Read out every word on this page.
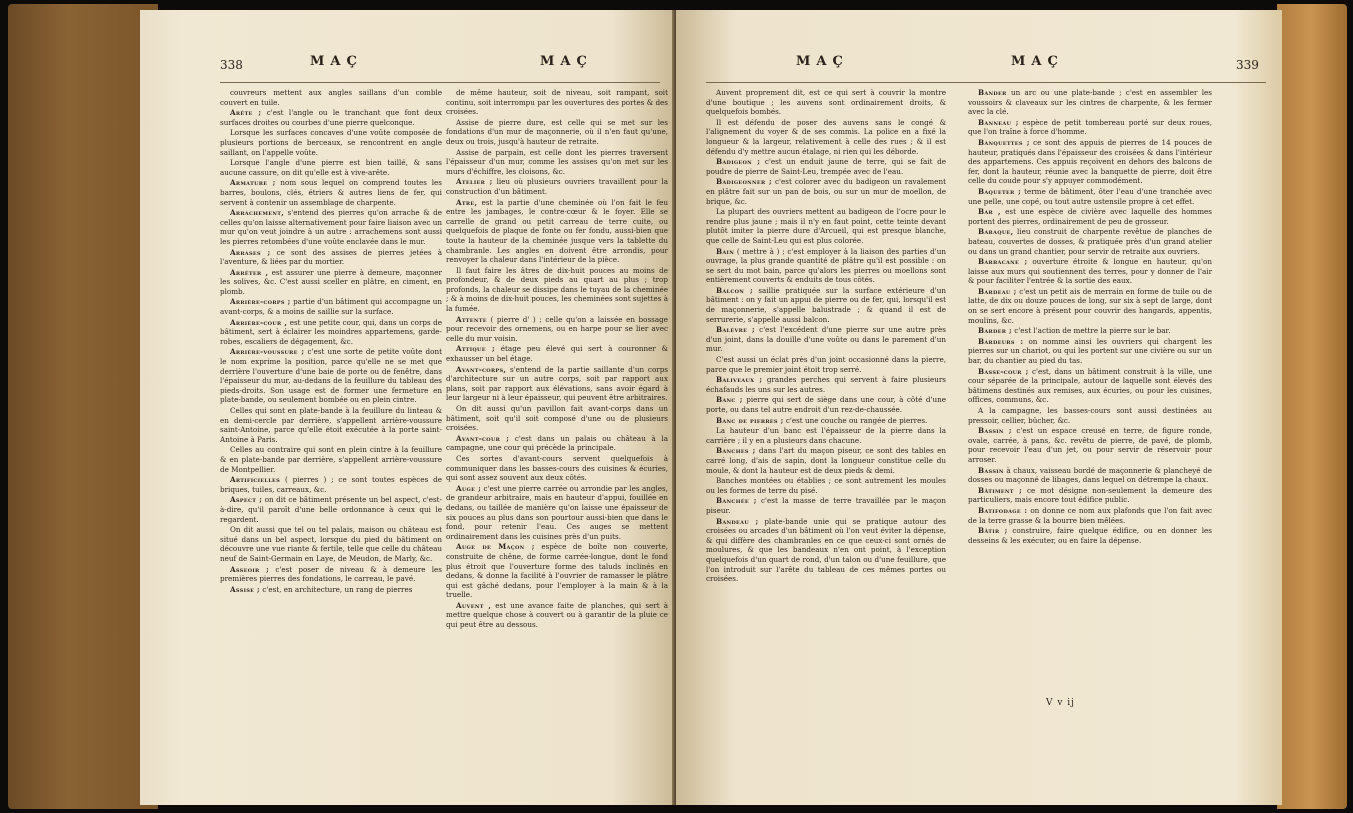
338	MAÇ	MAÇ

couvreurs mettent aux angles saillans d'un comble couvert en tuile.

Arête ; c'est l'angle ou le tranchant que font deux surfaces droites ou courbes d'une pierre quelconque.

Lorsque les surfaces concaves d'une voûte composée de plusieurs portions de berceaux, se rencontrent en angle saillant, on l'appelle voûte.

Lorsque l'angle d'une pierre est bien taillé, & sans aucune cassure, on dit qu'elle est à vive-arête.

Armature ; nom sous lequel on comprend toutes les barres, boulons, clés, étriers & autres liens de fer, qui servent à contenir un assemblage de charpente.

Arrachement, s'entend des pierres qu'on arrache & de celles qu'on laisse alternativement pour faire liaison avec un mur qu'on veut joindre à un autre : arrachemens sont aussi les pierres retombées d'une voûte enclavée dans le mur.

Arrases ; ce sont des assises de pierres jetées à l'aventure, & liées par du mortier.

Arrêter , est assurer une pierre à demeure, maçonner les solives, &c. C'est aussi sceller en plâtre, en ciment, en plomb.

Arrière-corps ; partie d'un bâtiment qui accompagne un avant-corps, & a moins de saillie sur la surface.

Arrière-cour , est une petite cour, qui, dans un corps de bâtiment, sert à éclairer les moindres appartemens, garde-robes, escaliers de dégagement, &c.

Arrière-voussure ; c'est une sorte de petite voûte dont le nom exprime la position, parce qu'elle ne se met que derrière l'ouverture d'une baie de porte ou de fenêtre, dans l'épaisseur du mur, au-dedans de la feuillure du tableau des pieds-droits. Son usage est de former une fermeture en plate-bande, ou seulement bombée ou en plein cintre.

Celles qui sont en plate-bande à la feuillure du linteau & en demi-cercle par derrière, s'appellent arrière-voussure saint-Antoine, parce qu'elle étoit exécutée à la porte saint-Antoine à Paris.

Celles au contraire qui sont en plein cintre à la feuillure & en plate-bande par derrière, s'appellent arrière-voussure de Montpellier.

Artificielles ( pierres ) ; ce sont toutes espèces de briques, tuiles, carreaux, &c.

Aspect ; on dit ce bâtiment présente un bel aspect, c'est-à-dire, qu'il paroît d'une belle ordonnance à ceux qui le regardent.

On dit aussi que tel ou tel palais, maison ou château est situé dans un bel aspect, lorsque du pied du bâtiment on découvre une vue riante & fertile, telle que celle du château neuf de Saint-Germain en Laye, de Meudon, de Marly, &c.

Asseoir ; c'est poser de niveau & à demeure les premières pierres des fondations, le carreau, le pavé.

Assise ; c'est, en architecture, un rang de pierres

de même hauteur, soit de niveau, soit rampant, soit continu, soit interrompu par les ouvertures des portes & des croisées.

Assise de pierre dure, est celle qui se met sur les fondations d'un mur de maçonnerie, où il n'en faut qu'une, deux ou trois, jusqu'à hauteur de retraite.

Assise de parpain, est celle dont les pierres traversent l'épaisseur d'un mur, comme les assises qu'on met sur les murs d'échiffre, les cloisons, &c.

Atelier ; lieu où plusieurs ouvriers travaillent pour la construction d'un bâtiment.

Atre, est la partie d'une cheminée où l'on fait le feu entre les jambages, le contre-cœur & le foyer. Elle se carrelle de grand ou petit carreau de terre cuite, ou quelquefois de plaque de fonte ou fer fondu, aussi-bien que toute la hauteur de la cheminée jusque vers la tablette du chambranle. Les angles en doivent être arrondis, pour renvoyer la chaleur dans l'intérieur de la pièce.

Il faut faire les âtres de dix-huit pouces au moins de profondeur, & de deux pieds au quart au plus ; trop profonds, la chaleur se dissipe dans le tuyau de la cheminée ; & à moins de dix-huit pouces, les cheminées sont sujettes à la fumée.

Attente ( pierre d' ) ; celle qu'on a laissée en bossage pour recevoir des ornemens, ou en harpe pour se lier avec celle du mur voisin.

Attique ; étage peu élevé qui sert à couronner & exhausser un bel étage.

Avant-corps, s'entend de la partie saillante d'un corps d'architecture sur un autre corps, soit par rapport aux plans, soit par rapport aux élévations, sans avoir égard à leur largeur ni à leur épaisseur, qui peuvent être arbitraires.

On dit aussi qu'un pavillon fait avant-corps dans un bâtiment, soit qu'il soit composé d'une ou de plusieurs croisées.

Avant-cour ; c'est dans un palais ou château à la campagne, une cour qui précède la principale.

Ces sortes d'avant-cours servent quelquefois à communiquer dans les basses-cours des cuisines & écuries, qui sont assez souvent aux deux côtés.

Auge ; c'est une pierre carrée ou arrondie par les angles, de grandeur arbitraire, mais en hauteur d'appui, fouillée en dedans, ou taillée de manière qu'on laisse une épaisseur de six pouces au plus dans son pourtour aussi-bien que dans le fond, pour retenir l'eau. Ces auges se mettent ordinairement dans les cuisines près d'un puits.

Auge de Maçon ; espèce de boîte non couverte, construite de chêne, de forme carrée-longue, dont le fond plus étroit que l'ouverture forme des taluds inclinés en dedans, & donne la facilité à l'ouvrier de ramasser le plâtre qui est gâché dedans, pour l'employer à la main & à la truelle.

Auvent , est une avance faite de planches, qui sert à mettre quelque chose à couvert ou à garantir de la pluie ce qui peut être au dessous.

MAÇ	MAÇ	339

Auvent proprement dit, est ce qui sert à couvrir la montre d'une boutique ; les auvens sont ordinairement droits, & quelquefois bombés.

Il est défendu de poser des auvens sans le congé & l'alignement du voyer & de ses commis. La police en a fixé la longueur & la largeur, relativement à celle des rues ; & il est défendu d'y mettre aucun étalage, ni rien qui les déborde.

Badigeon ; c'est un enduit jaune de terre, qui se fait de poudre de pierre de Saint-Leu, trempée avec de l'eau.

Badigeonner ; c'est colorer avec du badigeon un ravalement en plâtre fait sur un pan de bois, ou sur un mur de moellon, de brique, &c.

La plupart des ouvriers mettent au badigeon de l'ocre pour le rendre plus jaune ; mais il n'y en faut point, cette teinte devant plutôt imiter la pierre dure d'Arcueil, qui est presque blanche, que celle de Saint-Leu qui est plus colorée.

Bain ( mettre à ) ; c'est employer à la liaison des parties d'un ouvrage, la plus grande quantité de plâtre qu'il est possible : on se sert du mot bain, parce qu'alors les pierres ou moellons sont entièrement couverts & enduits de tous côtés.

Balcon ; saillie pratiquée sur la surface extérieure d'un bâtiment : on y fait un appui de pierre ou de fer, qui, lorsqu'il est de maçonnerie, s'appelle balustrade ; & quand il est de serrurerie, s'appelle aussi balcon.

Balèvre ; c'est l'excédent d'une pierre sur une autre près d'un joint, dans la douille d'une voûte ou dans le parement d'un mur.

C'est aussi un éclat près d'un joint occasionné dans la pierre, parce que le premier joint étoit trop serré.

Baliveaux ; grandes perches qui servent à faire plusieurs échafauds les uns sur les autres.

Banc ; pierre qui sert de siège dans une cour, à côté d'une porte, ou dans tel autre endroit d'un rez-de-chaussée.

Banc de pierres ; c'est une couche ou rangée de pierres.

La hauteur d'un banc est l'épaisseur de la pierre dans la carrière ; il y en a plusieurs dans chacune.

Banches ; dans l'art du maçon piseur, ce sont des tables en carré long, d'ais de sapin, dont la longueur constitue celle du moule, & dont la hauteur est de deux pieds & demi.

Banches montées ou établies ; ce sont autrement les moules ou les formes de terre du pisé.

Banchée ; c'est la masse de terre travaillée par le maçon piseur.

Bandeau ; plate-bande unie qui se pratique autour des croisées ou arcades d'un bâtiment où l'on veut éviter la dépense, & qui diffère des chambranles en ce que ceux-ci sont ornés de moulures, & que les bandeaux n'en ont point, à l'exception quelquefois d'un quart de rond, d'un talon ou d'une feuillure, que l'on introduit sur l'arête du tableau de ces mêmes portes ou croisées.

Bander un arc ou une plate-bande ; c'est en assembler les voussoirs & claveaux sur les cintres de charpente, & les fermer avec la clé.

Banneau ; espèce de petit tombereau porté sur deux roues, que l'on traîne à force d'homme.

Banquettes ; ce sont des appuis de pierres de 14 pouces de hauteur, pratiqués dans l'épaisseur des croisées & dans l'intérieur des appartemens. Ces appuis reçoivent en dehors des balcons de fer, dont la hauteur, réunie avec la banquette de pierre, doit être celle du coude pour s'y appuyer commodément.

Baqueter ; terme de bâtiment, ôter l'eau d'une tranchée avec une pelle, une copé, ou tout autre ustensile propre à cet effet.

Bar , est une espèce de civière avec laquelle des hommes portent des pierres, ordinairement de peu de grosseur.

Baraque, lieu construit de charpente revêtue de planches de bateau, couvertes de dosses, & pratiquée près d'un grand atelier ou dans un grand chantier, pour servir de retraite aux ouvriers.

Barbacane ; ouverture étroite & longue en hauteur, qu'on laisse aux murs qui soutiennent des terres, pour y donner de l'air & pour faciliter l'entrée & la sortie des eaux.

Bardeau ; c'est un petit ais de merrain en forme de tuile ou de latte, de dix ou douze pouces de long, sur six à sept de large, dont on se sert encore à présent pour couvrir des hangards, appentis, moulins, &c.

Barder ; c'est l'action de mettre la pierre sur le bar.

Bardeurs : on nomme ainsi les ouvriers qui chargent les pierres sur un chariot, ou qui les portent sur une civière ou sur un bar, du chantier au pied du tas.

Basse-cour ; c'est, dans un bâtiment construit à la ville, une cour séparée de la principale, autour de laquelle sont élevés des bâtimens destinés aux remises, aux écuries, ou pour les cuisines, offices, communs, &c.

A la campagne, les basses-cours sont aussi destinées au pressoir, cellier, bûcher, &c.

Bassin ; c'est un espace creusé en terre, de figure ronde, ovale, carrée, à pans, &c. revêtu de pierre, de pavé, de plomb, pour recevoir l'eau d'un jet, ou pour servir de réservoir pour arroser.

Bassin à chaux, vaisseau bordé de maçonnerie & plancheyé de dosses ou maçonné de libages, dans lequel on détrempe la chaux.

Bâtiment ; ce mot désigne non-seulement la demeure des particuliers, mais encore tout édifice public.

Batifodage : on donne ce nom aux plafonds que l'on fait avec de la terre grasse & la bourre bien mêlées.

Bâtir ; construire, faire quelque édifice, ou en donner les desseins & les exécuter, ou en faire la dépense.

V v ij
